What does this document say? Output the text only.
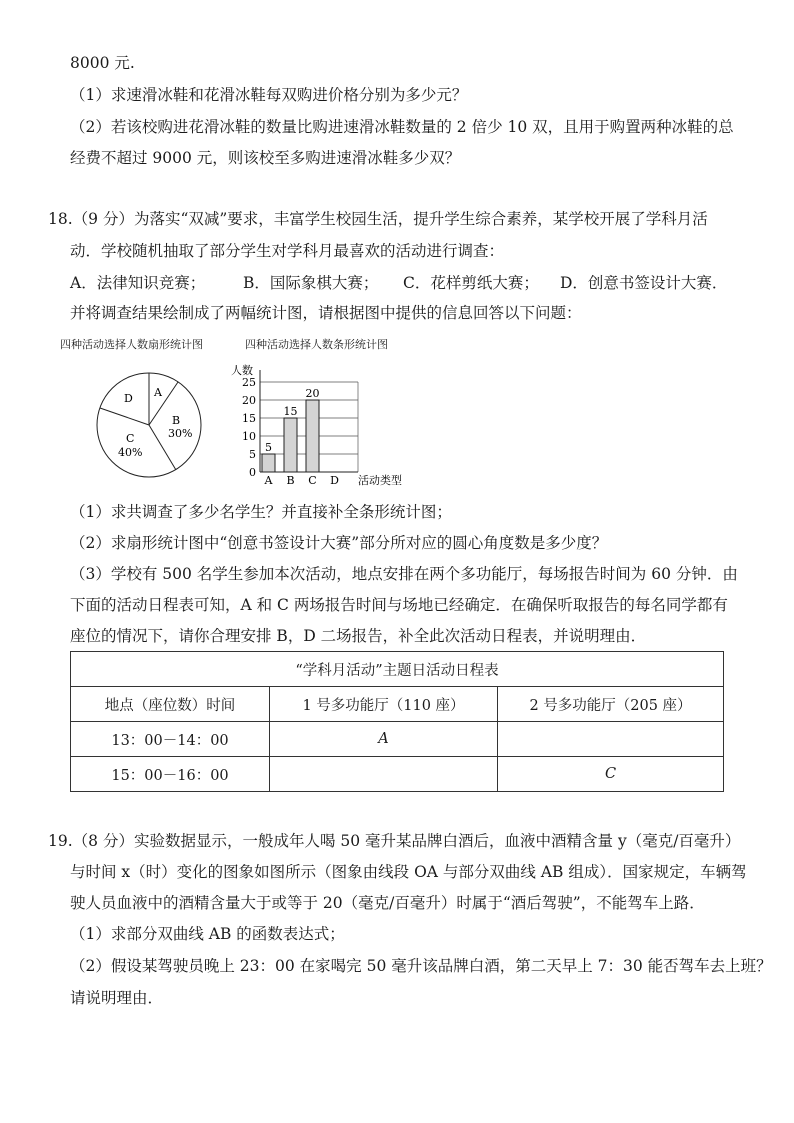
8000 元.
（1）求速滑冰鞋和花滑冰鞋每双购进价格分别为多少元？
（2）若该校购进花滑冰鞋的数量比购进速滑冰鞋数量的 2 倍少 10 双，且用于购置两种冰鞋的总
经费不超过 9000 元，则该校至多购进速滑冰鞋多少双？
18.（9 分）为落实“双减”要求，丰富学生校园生活，提升学生综合素养，某学校开展了学科月活
动．学校随机抽取了部分学生对学科月最喜欢的活动进行调查：
A．法律知识竞赛； B．国际象棋大赛； C．花样剪纸大赛； D．创意书签设计大赛．
并将调查结果绘制成了两幅统计图，请根据图中提供的信息回答以下问题：
四种活动选择人数扇形统计图	四种活动选择人数条形统计图
A
B
30%
C
40%
D
人数
活动类型
0
5
10
15
20
25
5
15
20
A B C D
（1）求共调查了多少名学生？并直接补全条形统计图；
（2）求扇形统计图中“创意书签设计大赛”部分所对应的圆心角度数是多少度？
（3）学校有 500 名学生参加本次活动，地点安排在两个多功能厅，每场报告时间为 60 分钟．由
下面的活动日程表可知，A 和 C 两场报告时间与场地已经确定．在确保听取报告的每名同学都有
座位的情况下，请你合理安排 B，D 二场报告，补全此次活动日程表，并说明理由．
“学科月活动”主题日活动日程表		
地点（座位数）时间	1 号多功能厅（110 座）	2 号多功能厅（205 座）
13：00－14：00	A	
15：00－16：00		C
19.（8 分）实验数据显示，一般成年人喝 50 毫升某品牌白酒后，血液中酒精含量 y（毫克/百毫升）
与时间 x（时）变化的图象如图所示（图象由线段 OA 与部分双曲线 AB 组成）．国家规定，车辆驾
驶人员血液中的酒精含量大于或等于 20（毫克/百毫升）时属于“酒后驾驶”，不能驾车上路．
（1）求部分双曲线 AB 的函数表达式；
（2）假设某驾驶员晚上 23：00 在家喝完 50 毫升该品牌白酒，第二天早上 7：30 能否驾车去上班？
请说明理由．
